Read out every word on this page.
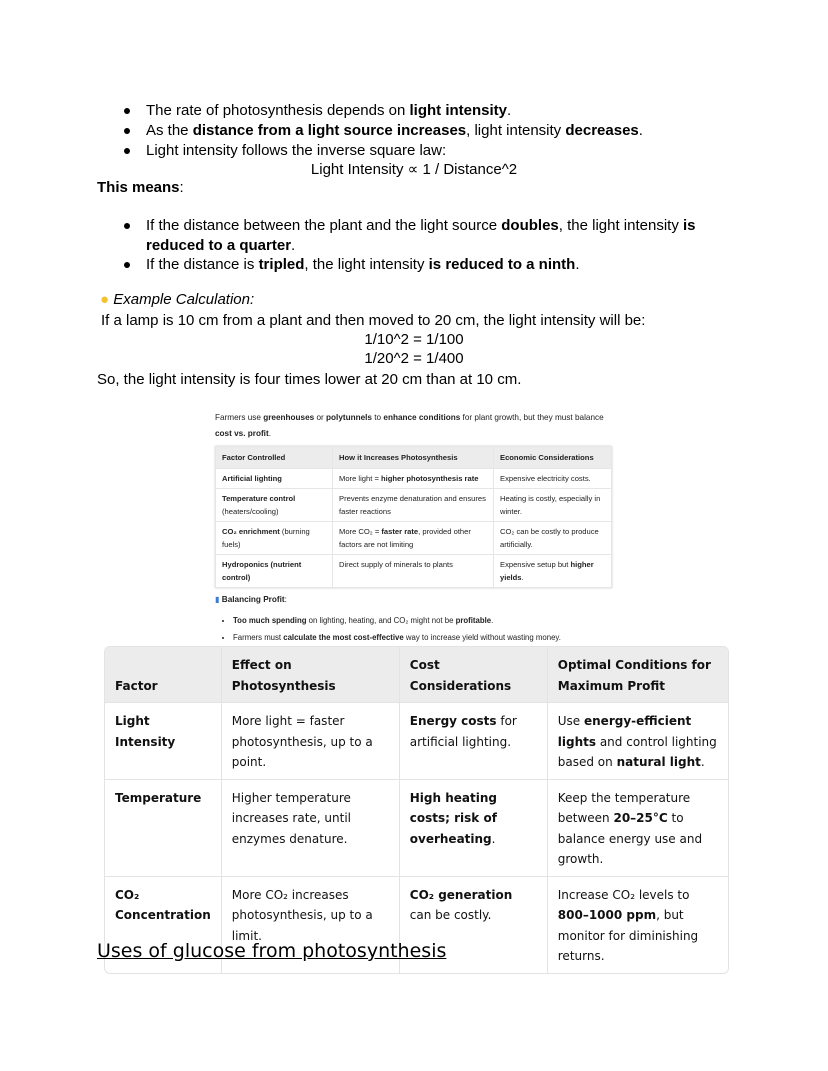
The rate of photosynthesis depends on light intensity.
As the distance from a light source increases, light intensity decreases.
Light intensity follows the inverse square law:
Light Intensity ∝ 1 / Distance^2
This means:
If the distance between the plant and the light source doubles, the light intensity is
reduced to a quarter.
If the distance is tripled, the light intensity is reduced to a ninth.
● Example Calculation:
If a lamp is 10 cm from a plant and then moved to 20 cm, the light intensity will be:
1/10^2 = 1/100
1/20^2 = 1/400
So, the light intensity is four times lower at 20 cm than at 10 cm.

Farmers use greenhouses or polytunnels to enhance conditions for plant growth, but they must balance cost vs. profit.

Factor Controlled	How it Increases Photosynthesis	Economic Considerations
Artificial lighting	More light = higher photosynthesis rate	Expensive electricity costs.
Temperature control (heaters/cooling)	Prevents enzyme denaturation and ensures faster reactions	Heating is costly, especially in winter.
CO₂ enrichment (burning fuels)	More CO₂ = faster rate, provided other factors are not limiting	CO₂ can be costly to produce artificially.
Hydroponics (nutrient control)	Direct supply of minerals to plants	Expensive setup but higher yields.

▮ Balancing Profit:

• Too much spending on lighting, heating, and CO₂ might not be profitable.
• Farmers must calculate the most cost-effective way to increase yield without wasting money.
Factor	Effect on Photosynthesis	Cost Considerations	Optimal Conditions for Maximum Profit
Light Intensity	More light = faster photosynthesis, up to a point.	Energy costs for artificial lighting.	Use energy-efficient lights and control lighting based on natural light.
Temperature	Higher temperature increases rate, until enzymes denature.	High heating costs; risk of overheating.	Keep the temperature between 20–25°C to balance energy use and growth.
CO₂ Concentration	More CO₂ increases photosynthesis, up to a limit.	CO₂ generation can be costly.	Increase CO₂ levels to 800–1000 ppm, but monitor for diminishing returns.
Uses of glucose from photosynthesis
